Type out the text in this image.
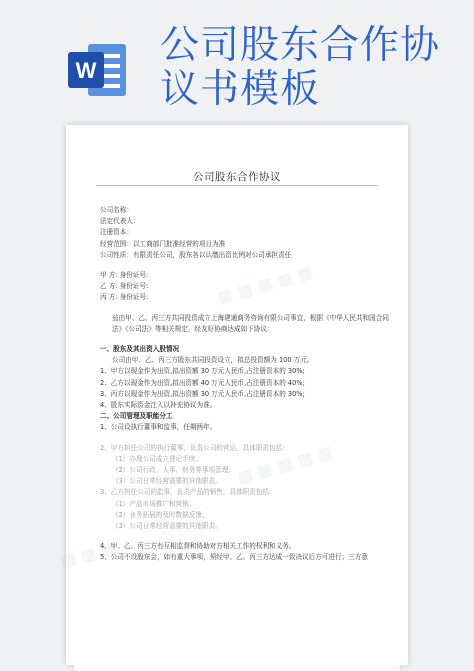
W
公司股东合作协议书模板
公司股东合作协议
公司名称：
法定代表人：
注册资本：
经营范围：以工商部门批准经营的项目为准
公司性质：有限责任公司，股东各以认缴出资比例对公司承担责任
甲 方: 身份证号:
乙 方: 身份证号:
丙 方: 身份证号:
兹由甲、乙、丙三方共同投资成立上海建通商务咨询有限公司事宜，根据《中华人民共和国合同法》《公司法》等相关规定，经友好协商达成如下协议：
一、股东及其出资入股情况
公司由甲、乙、丙三方股东共同投资设立，拟总投资额为 100 万元。
1、甲方以现金作为出资,拟出资额 30 万元人民币,占注册资本的 30%;
2、乙方以现金作为出资,拟出资额 40 万元人民币,占注册资本的 40%;
3、丙方以现金作为出资,拟出资额 30 万元人民币,占注册资本的 30%;
4、股东实际资金注入以补充协议为准。
二、公司管理及职能分工
1、公司设执行董事和监事，任期两年。
2、甲方担任公司的执行董事，负责公司的营运，具体职责包括:
（1）办理公司成立登记手续；
（2）公司行政、人事、财务等事项管理；
（3）公司日常经营需要的其他职责。
3、乙方担任公司的监事，负责产品的销售，具体职责包括:
（1）产品市场推广和营销；
（2）业务拓展的及时数据反馈；
（3）公司日常经营需要的其他职责。
4、甲、乙、丙三方有互相监督和协助对方相关工作的权利和义务。
5、公司不设股东会，如有重大事项，须经甲、乙、丙三方达成一致决议后方可进行；三方意
▦ ▦ ▦ ▦ ▦
▦ ▦ ▦ ▦ ▦
▦ ▦ ▦
